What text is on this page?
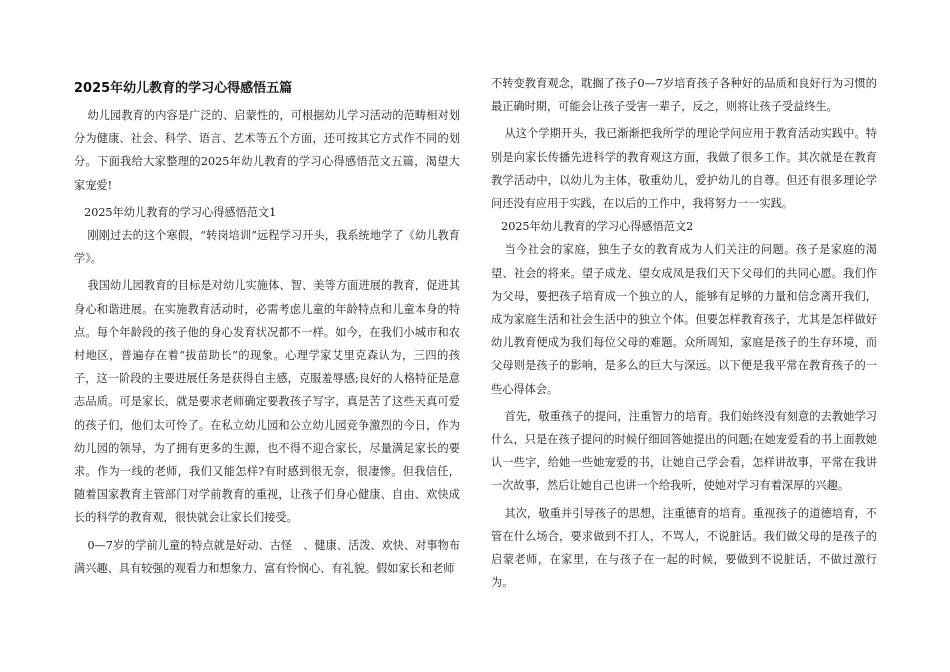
2025年幼儿教育的学习心得感悟五篇

幼儿园教育的内容是广泛的、启蒙性的，可根据幼儿学习活动的范畴相对划分为健康、社会、科学、语言、艺术等五个方面，还可按其它方式作不同的划分。下面我给大家整理的2025年幼儿教育的学习心得感悟范文五篇，渴望大家宠爱!

2025年幼儿教育的学习心得感悟范文1

刚刚过去的这个寒假，“转岗培训”远程学习开头，我系统地学了《幼儿教育学》。

我国幼儿园教育的目标是对幼儿实施体、智、美等方面进展的教育，促进其身心和谐进展。在实施教育活动时，必需考虑儿童的年龄特点和儿童本身的特点。每个年龄段的孩子他的身心发育状况都不一样。如今，在我们小城市和农村地区，普遍存在着“拔苗助长”的现象。心理学家艾里克森认为，三四的孩子，这一阶段的主要进展任务是获得自主感，克服羞辱感;良好的人格特征是意志品质。可是家长，就是要求老师确定要教孩子写字，真是苦了这些天真可爱的孩子们，他们太可怜了。在私立幼儿园和公立幼儿园竞争激烈的今日，作为幼儿园的领导，为了拥有更多的生源，也不得不迎合家长，尽量满足家长的要求。作为一线的老师，我们又能怎样?有时感到很无奈，很凄惨。但我信任，随着国家教育主管部门对学前教育的重视，让孩子们身心健康、自由、欢快成长的科学的教育观，很快就会让家长们接受。

0—7岁的学前儿童的特点就是好动、古怪　、健康、活泼、欢快、对事物布满兴趣、具有较强的观看力和想象力、富有怜悯心、有礼貌。假如家长和老师

不转变教育观念，耽搁了孩子0—7岁培育孩子各种好的品质和良好行为习惯的最正确时期，可能会让孩子受害一辈子，反之，则将让孩子受益终生。

从这个学期开头，我已渐渐把我所学的理论学问应用于教育活动实践中。特别是向家长传播先进科学的教育观这方面，我做了很多工作。其次就是在教育教学活动中，以幼儿为主体，敬重幼儿，爱护幼儿的自尊。但还有很多理论学问还没有应用于实践，在以后的工作中，我将努力一一实践。

2025年幼儿教育的学习心得感悟范文2

当今社会的家庭，独生子女的教育成为人们关注的问题。孩子是家庭的渴望、社会的将来。望子成龙、望女成凤是我们天下父母们的共同心愿。我们作为父母，要把孩子培育成一个独立的人，能够有足够的力量和信念离开我们，成为家庭生活和社会生活中的独立个体。但要怎样教育孩子，尤其是怎样做好幼儿教育便成为我们每位父母的难题。众所周知，家庭是孩子的生存环境，而父母则是孩子的影响，是多么的巨大与深远。以下便是我平常在教育孩子的一些心得体会。

首先，敬重孩子的提问，注重智力的培育。我们始终没有刻意的去教她学习什么，只是在孩子提问的时候仔细回答她提出的问题;在她宠爱看的书上面教她认一些字，给她一些她宠爱的书，让她自己学会看，怎样讲故事，平常在我讲一次故事，然后让她自己也讲一个给我听，使她对学习有着深厚的兴趣。

其次，敬重并引导孩子的思想，注重德育的培育。重视孩子的道德培育，不管在什么场合，要求做到不打人，不骂人，不说脏话。我们做父母的是孩子的启蒙老师，在家里，在与孩子在一起的时候，要做到不说脏话，不做过激行为。
